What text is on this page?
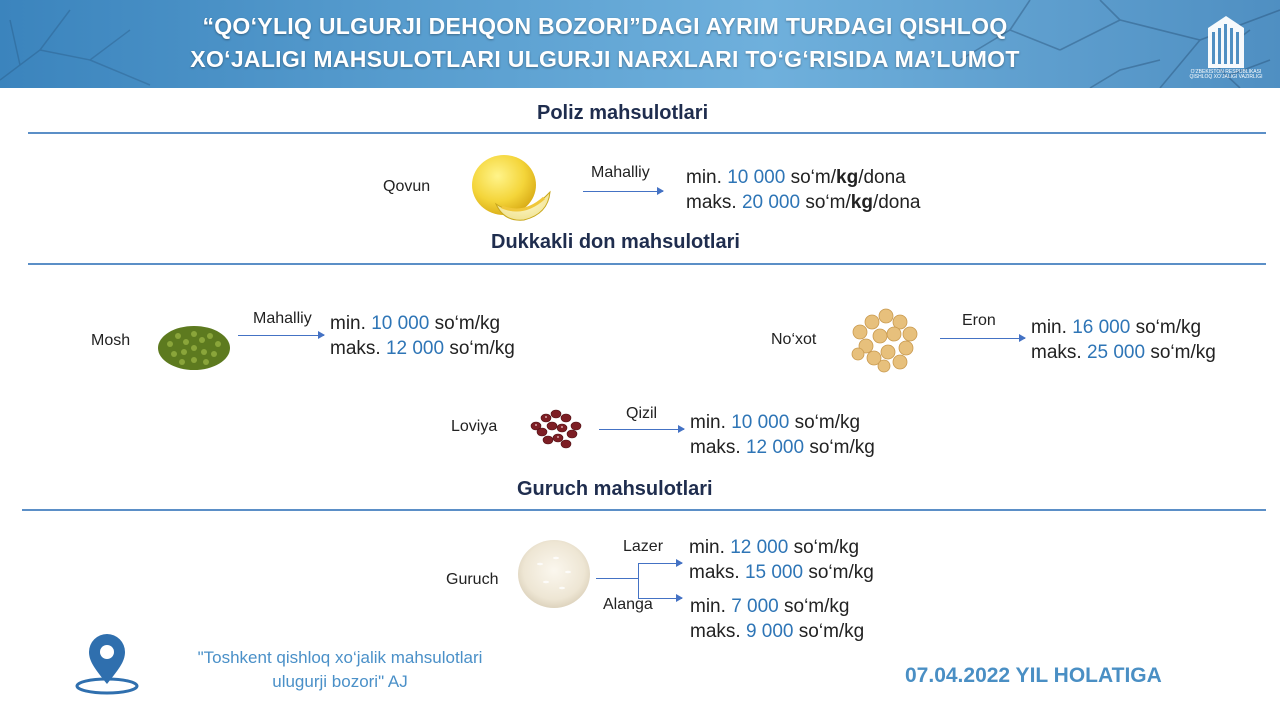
“QO‘YLIQ ULGURJI DEHQON BOZORI”DAGI AYRIM TURDAGI QISHLOQ
XO‘JALIGI MAHSULOTLARI ULGURJI NARXLARI TO‘G‘RISIDA MA’LUMOT	O‘ZBEKISTON RESPUBLIKASI QISHLOQ XO‘JALIGI VAZIRLIGI
Poliz mahsulotlari
Qovun
Mahalliy min. 10 000 so‘m/kg/dona
maks. 20 000 so‘m/kg/dona
Dukkakli don mahsulotlari
Mosh
Mahalliy min. 10 000 so‘m/kg
maks. 12 000 so‘m/kg	No‘xot
Eron min. 16 000 so‘m/kg
maks. 25 000 so‘m/kg
Loviya
Qizil min. 10 000 so‘m/kg
maks. 12 000 so‘m/kg
Guruch mahsulotlari
Guruch
Lazer
Alanga
min. 12 000 so‘m/kg
maks. 15 000 so‘m/kg
min. 7 000 so‘m/kg
maks. 9 000 so‘m/kg
"Toshkent qishloq xo‘jalik mahsulotlari
ulugurji bozori" AJ	07.04.2022 YIL HOLATIGA
